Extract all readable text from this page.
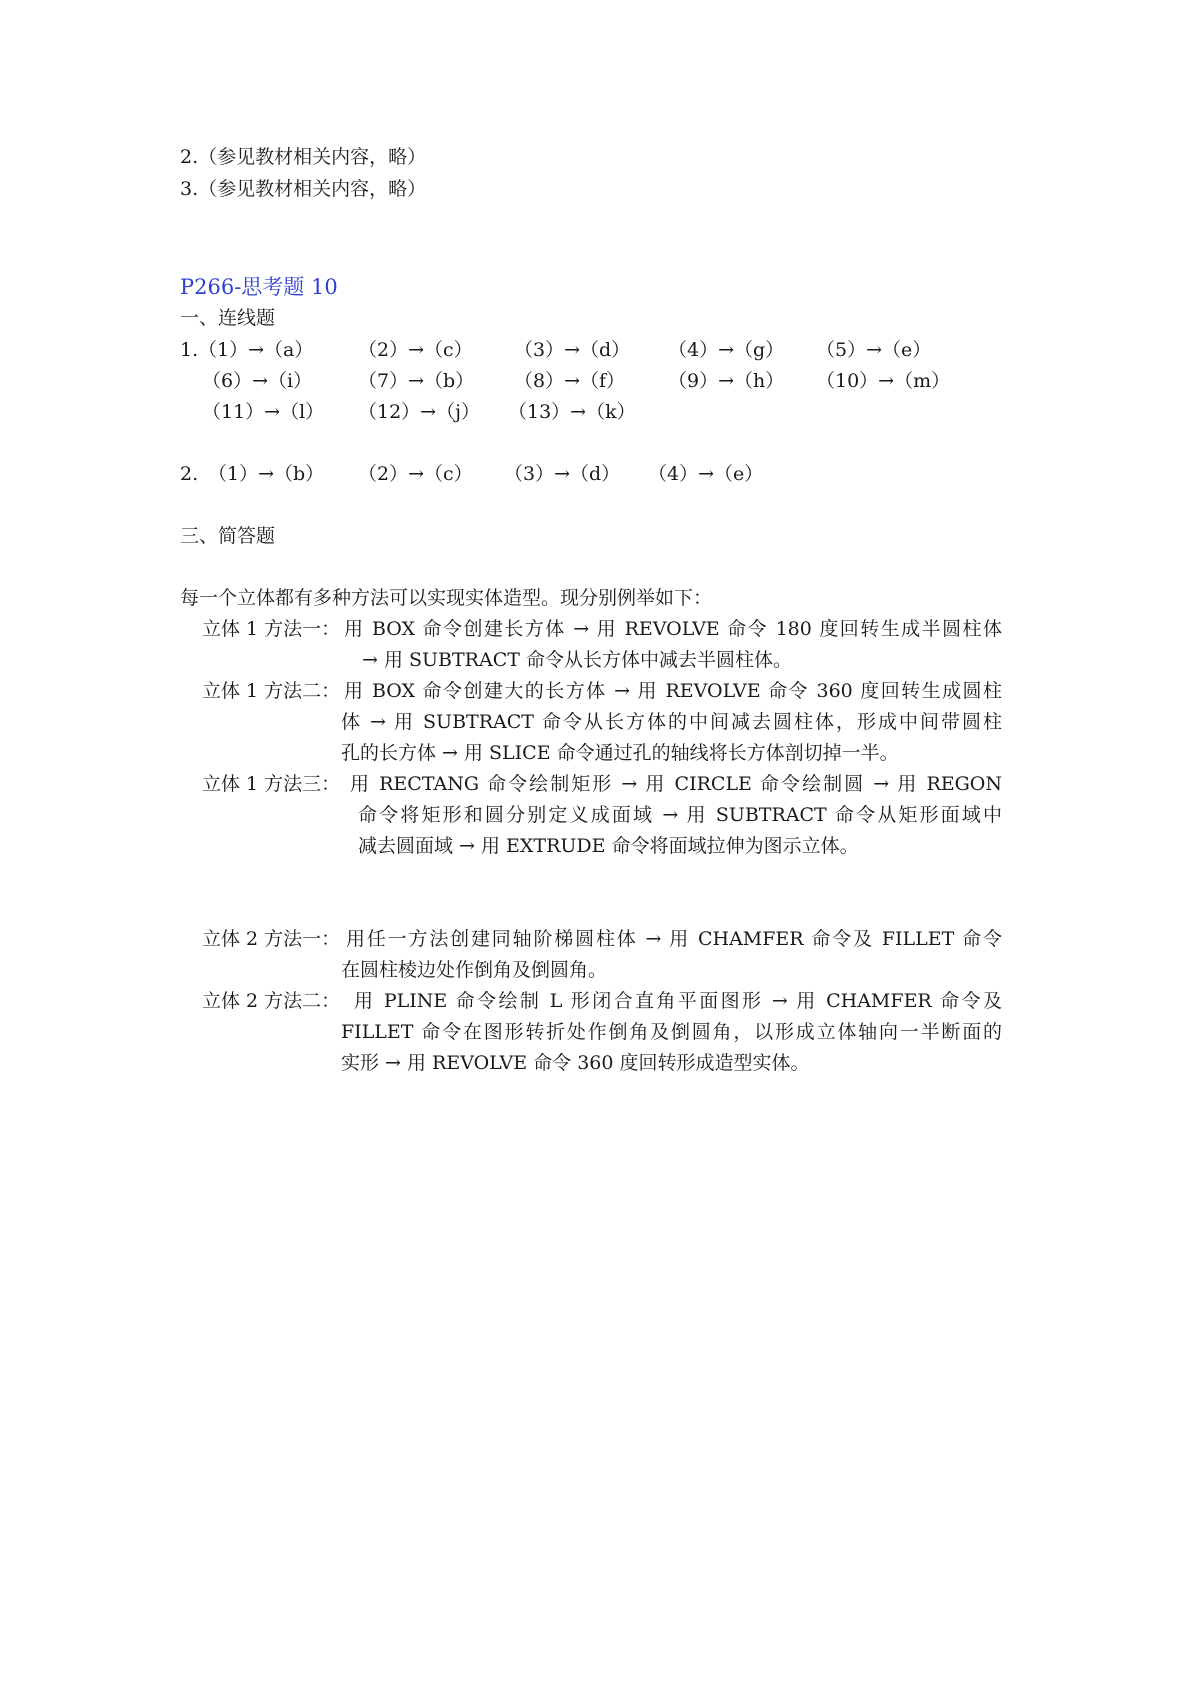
2.（参见教材相关内容，略）
3.（参见教材相关内容，略）
P266-思考题 10
一、连线题
1. （1）→（a） （2）→（c） （3）→（d） （4）→（g） （5）→（e）
（6）→（i） （7）→（b） （8）→（f） （9）→（h） （10）→（m）
（11）→（l） （12）→（j） （13）→（k）
2. （1）→（b） （2）→（c） （3）→（d） （4）→（e）
三、简答题
每一个立体都有多种方法可以实现实体造型。现分别例举如下：
立体 1 方法一： 用 BOX 命令创建长方体 → 用 REVOLVE 命令 180 度回转生成半圆柱体
→ 用 SUBTRACT 命令从长方体中减去半圆柱体。
立体 1 方法二： 用 BOX 命令创建大的长方体 → 用 REVOLVE 命令 360 度回转生成圆柱
体 → 用 SUBTRACT 命令从长方体的中间减去圆柱体，形成中间带圆柱
孔的长方体 → 用 SLICE 命令通过孔的轴线将长方体剖切掉一半。
立体 1 方法三： 用 RECTANG 命令绘制矩形 → 用 CIRCLE 命令绘制圆 → 用 REGON
命令将矩形和圆分别定义成面域 → 用 SUBTRACT 命令从矩形面域中
减去圆面域 → 用 EXTRUDE 命令将面域拉伸为图示立体。
立体 2 方法一： 用任一方法创建同轴阶梯圆柱体 → 用 CHAMFER 命令及 FILLET 命令
在圆柱棱边处作倒角及倒圆角。
立体 2 方法二： 用 PLINE 命令绘制 L 形闭合直角平面图形 → 用 CHAMFER 命令及
FILLET 命令在图形转折处作倒角及倒圆角，以形成立体轴向一半断面的
实形 → 用 REVOLVE 命令 360 度回转形成造型实体。
